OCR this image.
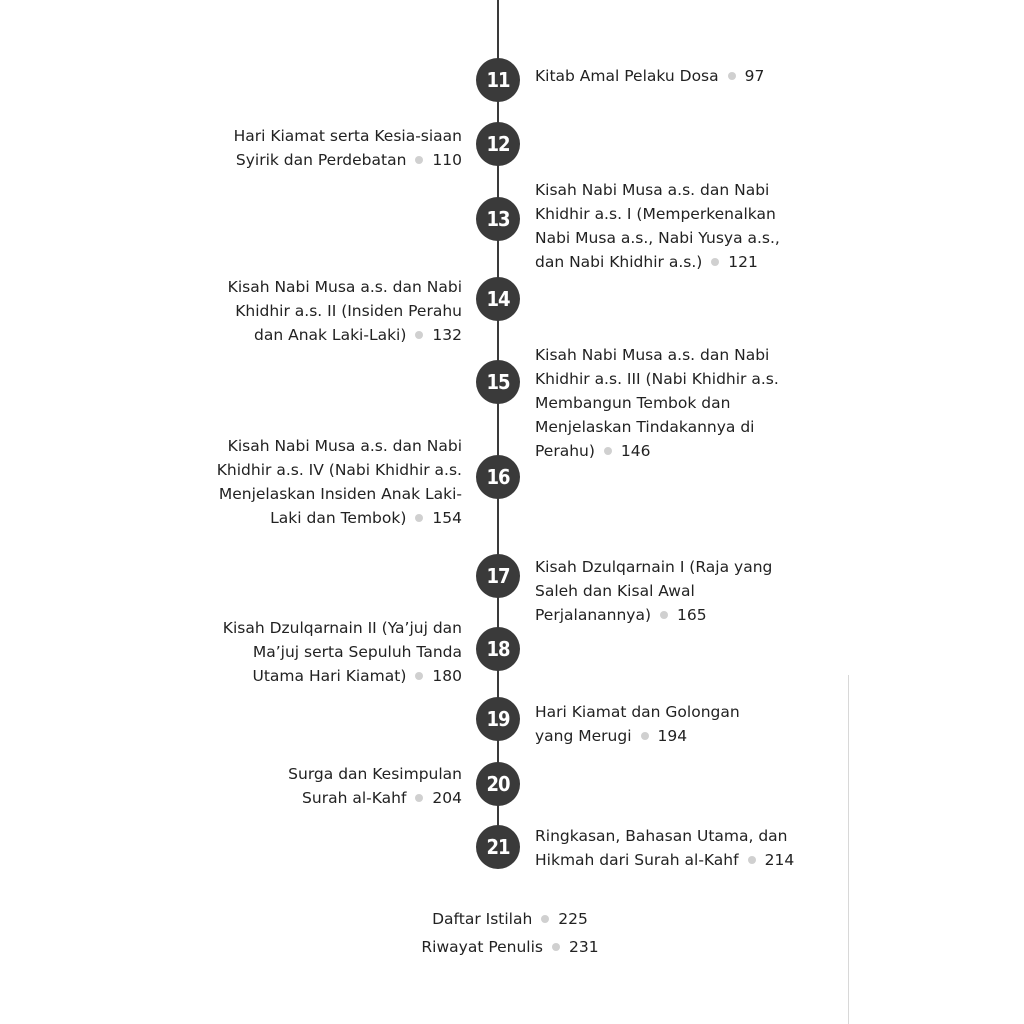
11 Kitab Amal Pelaku Dosa 97
12
Hari Kiamat serta Kesia-siaan Syirik dan Perdebatan 110
13
Kisah Nabi Musa a.s. dan Nabi Khidhir a.s. I (Memperkenalkan Nabi Musa a.s., Nabi Yusya a.s., dan Nabi Khidhir a.s.) 121
14
Kisah Nabi Musa a.s. dan Nabi Khidhir a.s. II (Insiden Perahu dan Anak Laki-Laki) 132
15
Kisah Nabi Musa a.s. dan Nabi Khidhir a.s. III (Nabi Khidhir a.s. Membangun Tembok dan Menjelaskan Tindakannya di Perahu) 146
16
Kisah Nabi Musa a.s. dan Nabi Khidhir a.s. IV (Nabi Khidhir a.s. Menjelaskan Insiden Anak Laki-Laki dan Tembok) 154
17 Kisah Dzulqarnain I (Raja yang Saleh dan Kisal Awal Perjalanannya) 165
18
Kisah Dzulqarnain II (Ya’juj dan Ma’juj serta Sepuluh Tanda Utama Hari Kiamat) 180
19 Hari Kiamat dan Golongan yang Merugi 194
20
Surga dan Kesimpulan Surah al-Kahf 204
21 Ringkasan, Bahasan Utama, dan Hikmah dari Surah al-Kahf 214
Daftar Istilah 225
Riwayat Penulis 231
